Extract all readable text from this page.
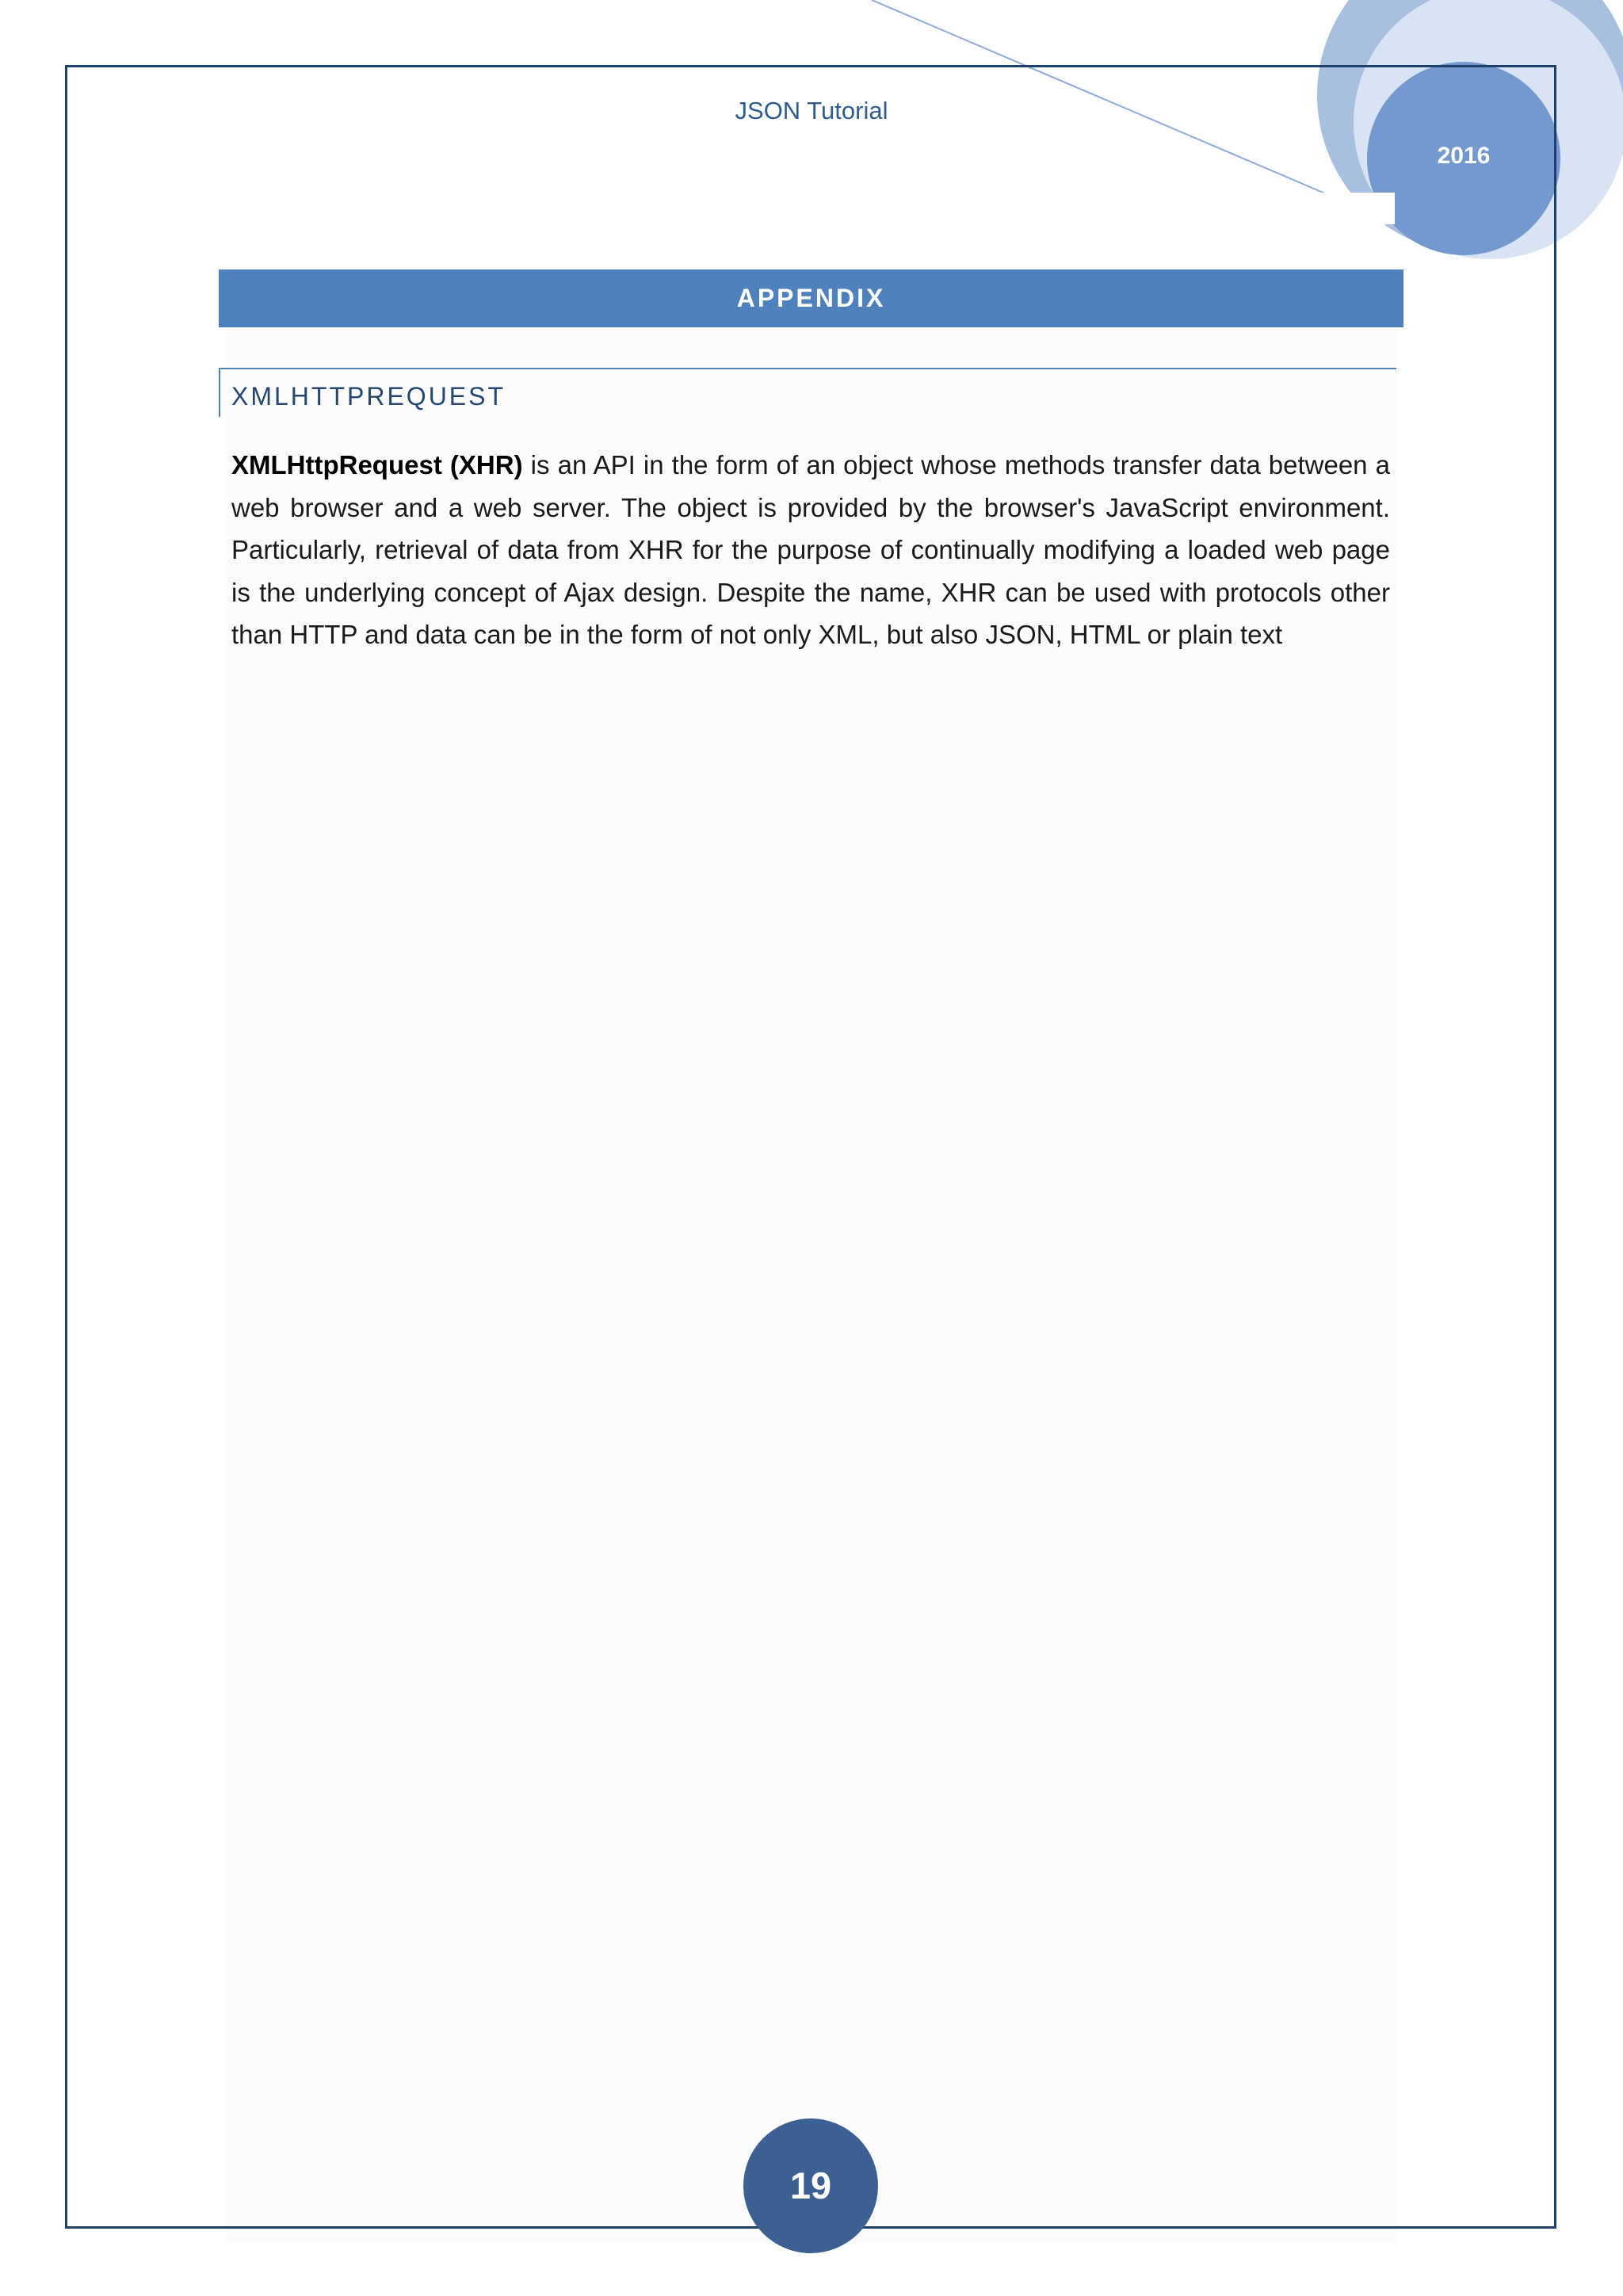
JSON Tutorial
2016
APPENDIX
XMLHTTPREQUEST
XMLHttpRequest (XHR) is an API in the form of an object whose methods transfer data between a web browser and a web server. The object is provided by the browser's JavaScript environment. Particularly, retrieval of data from XHR for the purpose of continually modifying a loaded web page is the underlying concept of Ajax design. Despite the name, XHR can be used with protocols other than HTTP and data can be in the form of not only XML, but also JSON, HTML or plain text
19
